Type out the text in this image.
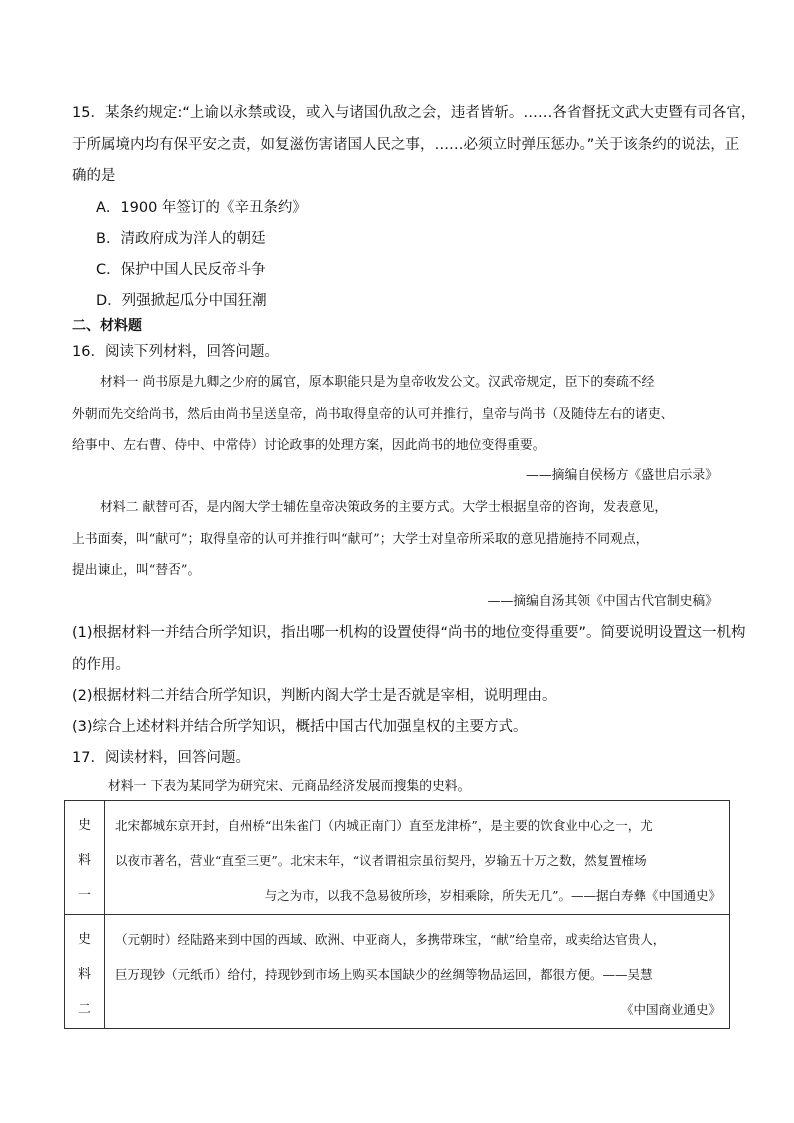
15．某条约规定:“上谕以永禁或设，或入与诸国仇敌之会，违者皆斩。……各省督抚文武大吏暨有司各官，
于所属境内均有保平安之责，如复滋伤害诸国人民之事，……必须立时弹压惩办。”关于该条约的说法，正
确的是
A．1900 年签订的《辛丑条约》
B．清政府成为洋人的朝廷
C．保护中国人民反帝斗争
D．列强掀起瓜分中国狂潮
二、材料题
16．阅读下列材料，回答问题。
材料一 尚书原是九卿之少府的属官，原本职能只是为皇帝收发公文。汉武帝规定，臣下的奏疏不经
外朝而先交给尚书，然后由尚书呈送皇帝，尚书取得皇帝的认可并推行，皇帝与尚书（及随侍左右的诸吏、
给事中、左右曹、侍中、中常侍）讨论政事的处理方案，因此尚书的地位变得重要。
——摘编自侯杨方《盛世启示录》
材料二 献替可否，是内阁大学士辅佐皇帝决策政务的主要方式。大学士根据皇帝的咨询，发表意见，
上书面奏，叫“献可”；取得皇帝的认可并推行叫“献可”；大学士对皇帝所采取的意见措施持不同观点，
提出谏止，叫“替否”。
——摘编自汤其领《中国古代官制史稿》
(1)根据材料一并结合所学知识，指出哪一机构的设置使得“尚书的地位变得重要”。简要说明设置这一机构
的作用。
(2)根据材料二并结合所学知识，判断内阁大学士是否就是宰相，说明理由。
(3)综合上述材料并结合所学知识，概括中国古代加强皇权的主要方式。
17．阅读材料，回答问题。
材料一 下表为某同学为研究宋、元商品经济发展而搜集的史料。
史
料
一	北宋都城东京开封，自州桥“出朱雀门（内城正南门）直至龙津桥”，是主要的饮食业中心之一，尤
以夜市著名，营业“直至三更”。北宋末年，“议者谓祖宗虽衍契丹，岁输五十万之数，然复置榷场
与之为市，以我不急易彼所珍，岁相乘除，所失无几”。——据白寿彝《中国通史》

史
料
二	（元朝时）经陆路来到中国的西域、欧洲、中亚商人，多携带珠宝，“献”给皇帝，或卖给达官贵人，
巨万现钞（元纸币）给付，持现钞到市场上购买本国缺少的丝绸等物品运回，都很方便。——吴慧
《中国商业通史》
